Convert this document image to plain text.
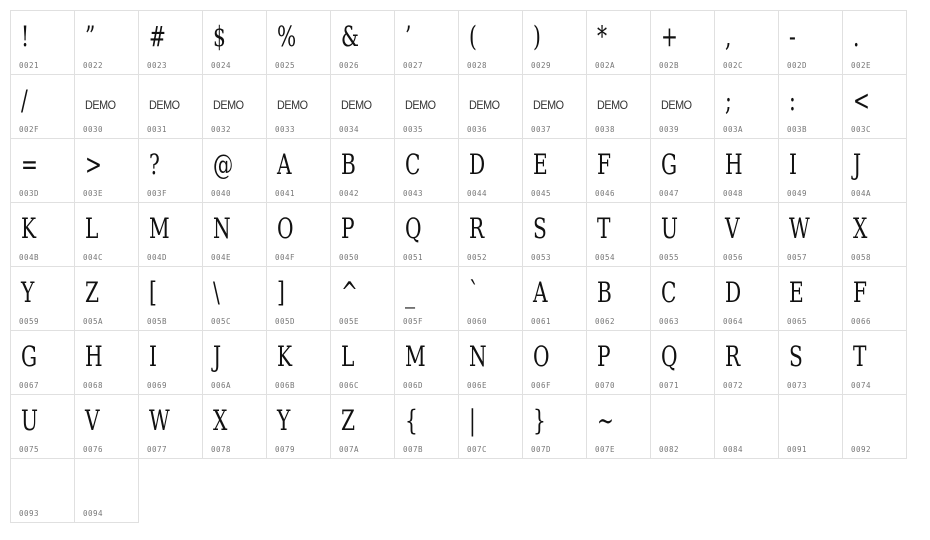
!
0021
”
0022
#
0023
$
0024
%
0025
&
0026
’
0027
(
0028
)
0029
*
002A
+
002B
,
002C
-
002D
.
002E
/
002F
DEMO
0030
DEMO
0031
DEMO
0032
DEMO
0033
DEMO
0034
DEMO
0035
DEMO
0036
DEMO
0037
DEMO
0038
DEMO
0039
;
003A
:
003B
<
003C
=
003D
>
003E
?
003F
@
0040
A
0041
B
0042
C
0043
D
0044
E
0045
F
0046
G
0047
H
0048
I
0049
J
004A
K
004B
L
004C
M
004D
N
004E
O
004F
P
0050
Q
0051
R
0052
S
0053
T
0054
U
0055
V
0056
W
0057
X
0058
Y
0059
Z
005A
[
005B
\
005C
]
005D
^
005E
_
005F
`
0060
A
0061
B
0062
C
0063
D
0064
E
0065
F
0066
G
0067
H
0068
I
0069
J
006A
K
006B
L
006C
M
006D
N
006E
O
006F
P
0070
Q
0071
R
0072
S
0073
T
0074
U
0075
V
0076
W
0077
X
0078
Y
0079
Z
007A
{
007B
|
007C
}
007D
~
007E	0082	0084	0091	0092
0093	0094
